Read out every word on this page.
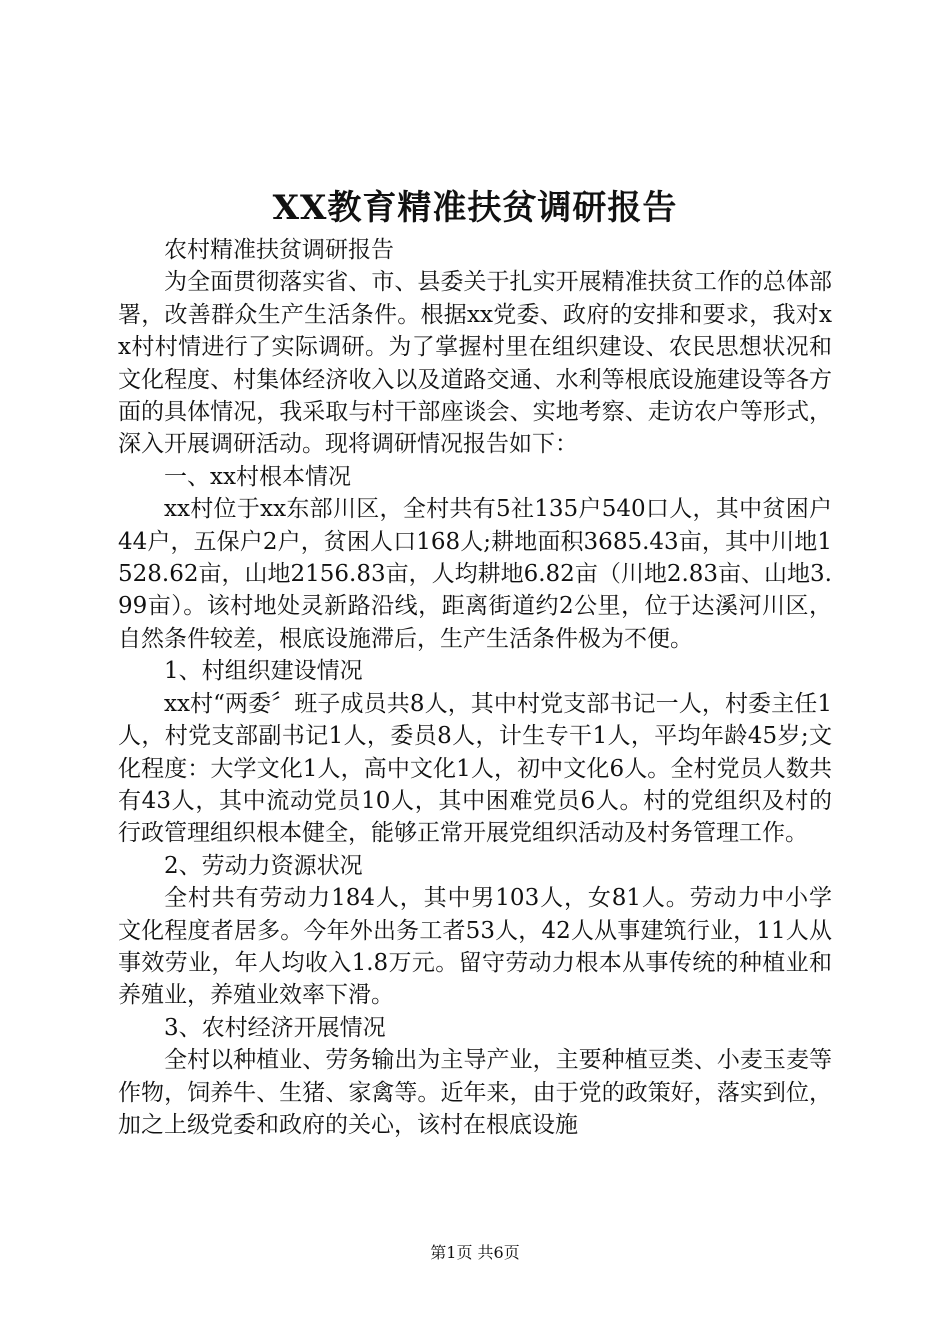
XX教育精准扶贫调研报告

农村精准扶贫调研报告

为全面贯彻落实省、市、县委关于扎实开展精准扶贫工作的总体部署，改善群众生产生活条件。根据xx党委、政府的安排和要求，我对xx村村情进行了实际调研。为了掌握村里在组织建设、农民思想状况和文化程度、村集体经济收入以及道路交通、水利等根底设施建设等各方面的具体情况，我采取与村干部座谈会、实地考察、走访农户等形式，深入开展调研活动。现将调研情况报告如下：

一、xx村根本情况

xx村位于xx东部川区，全村共有5社135户540口人，其中贫困户44户，五保户2户，贫困人口168人;耕地面积3685.43亩，其中川地1528.62亩，山地2156.83亩，人均耕地6.82亩（川地2.83亩、山地3.99亩）。该村地处灵新路沿线，距离街道约2公里，位于达溪河川区，自然条件较差，根底设施滞后，生产生活条件极为不便。

1、村组织建设情况

xx村“两委〞班子成员共8人，其中村党支部书记一人，村委主任1人，村党支部副书记1人，委员8人，计生专干1人，平均年龄45岁;文化程度：大学文化1人，高中文化1人，初中文化6人。全村党员人数共有43人，其中流动党员10人，其中困难党员6人。村的党组织及村的行政管理组织根本健全，能够正常开展党组织活动及村务管理工作。

2、劳动力资源状况

全村共有劳动力184人，其中男103人，女81人。劳动力中小学文化程度者居多。今年外出务工者53人，42人从事建筑行业，11人从事效劳业，年人均收入1.8万元。留守劳动力根本从事传统的种植业和养殖业，养殖业效率下滑。

3、农村经济开展情况

全村以种植业、劳务输出为主导产业，主要种植豆类、小麦玉麦等作物，饲养牛、生猪、家禽等。近年来，由于党的政策好，落实到位，加之上级党委和政府的关心，该村在根底设施

第1页 共6页
